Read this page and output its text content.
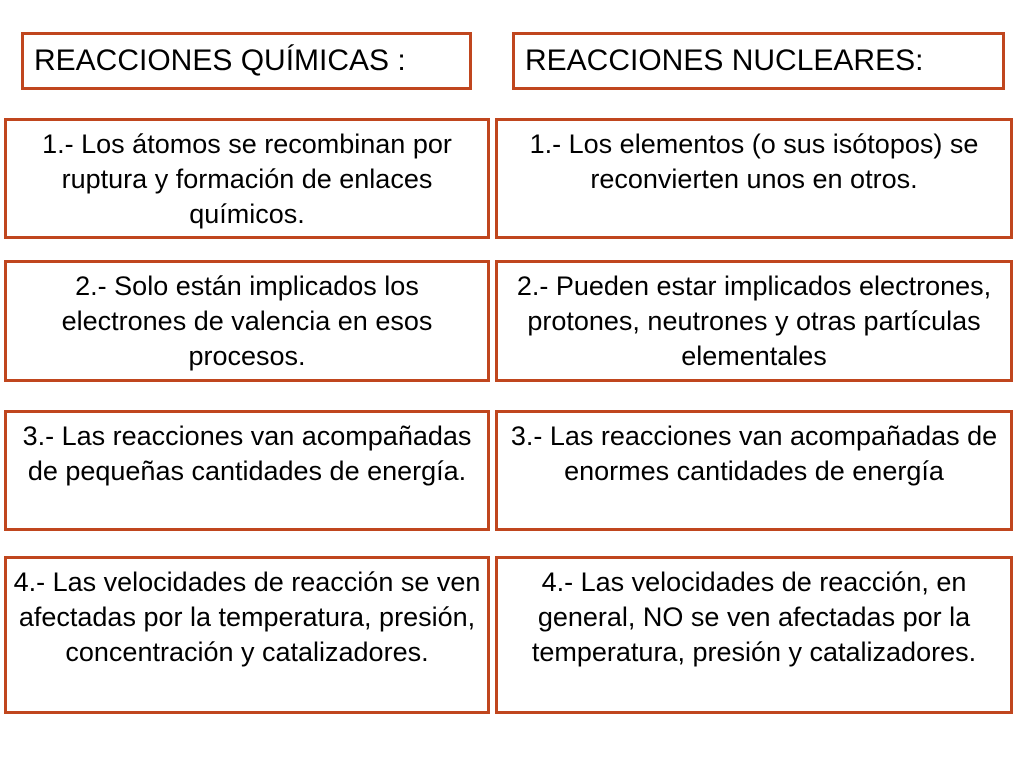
REACCIONES QUÍMICAS :	REACCIONES NUCLEARES:
1.- Los átomos se recombinan por ruptura y formación de enlaces químicos.
1.- Los elementos (o sus isótopos) se reconvierten unos en otros.
2.- Solo están implicados los electrones de valencia en esos procesos.
2.- Pueden estar implicados electrones, protones, neutrones y otras partículas elementales
3.- Las reacciones van acompañadas de pequeñas cantidades de energía.
3.- Las reacciones van acompañadas de enormes cantidades de energía
4.- Las velocidades de reacción se ven afectadas por la temperatura, presión, concentración y catalizadores.
4.- Las velocidades de reacción, en general, NO se ven afectadas por la temperatura, presión y catalizadores.
